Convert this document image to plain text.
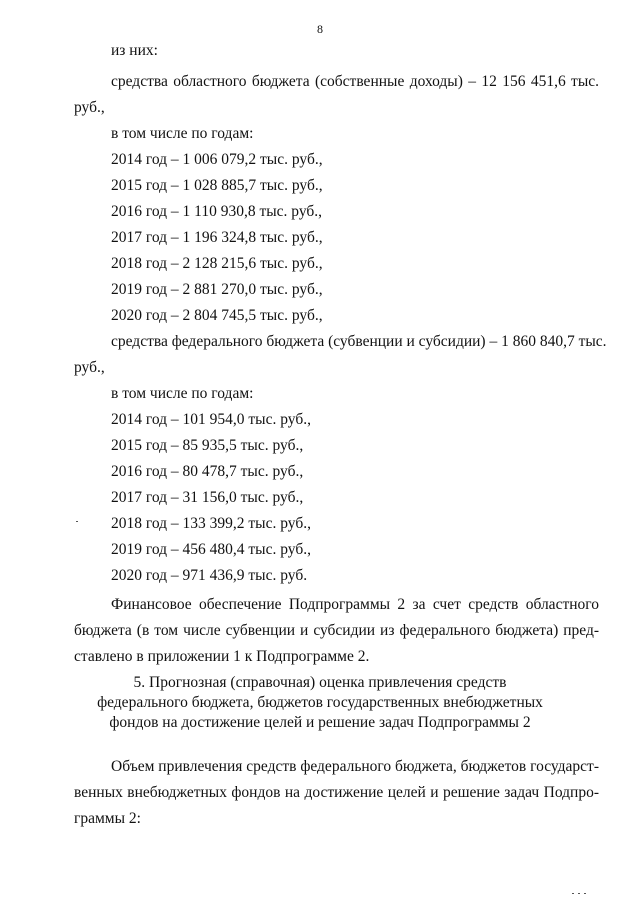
8
из них:
средства областного бюджета (собственные доходы) – 12 156 451,6 тыс.
руб.,
в том числе по годам:
2014 год – 1 006 079,2 тыс. руб.,
2015 год – 1 028 885,7 тыс. руб.,
2016 год – 1 110 930,8 тыс. руб.,
2017 год – 1 196 324,8 тыс. руб.,
2018 год – 2 128 215,6 тыс. руб.,
2019 год – 2 881 270,0 тыс. руб.,
2020 год – 2 804 745,5 тыс. руб.,
средства федерального бюджета (субвенции и субсидии) – 1 860 840,7 тыс.
руб.,
в том числе по годам:
2014 год – 101 954,0 тыс. руб.,
2015 год – 85 935,5 тыс. руб.,
2016 год – 80 478,7 тыс. руб.,
2017 год – 31 156,0 тыс. руб.,
2018 год – 133 399,2 тыс. руб.,
2019 год – 456 480,4 тыс. руб.,
2020 год – 971 436,9 тыс. руб.
Финансовое обеспечение Подпрограммы 2 за счет средств областного
бюджета (в том числе субвенции и субсидии из федерального бюджета) пред-
ставлено в приложении 1 к Подпрограмме 2.
5. Прогнозная (справочная) оценка привлечения средств
федерального бюджета, бюджетов государственных внебюджетных
фондов на достижение целей и решение задач Подпрограммы 2
Объем привлечения средств федерального бюджета, бюджетов государст-
венных внебюджетных фондов на достижение целей и решение задач Подпро-
граммы 2:
